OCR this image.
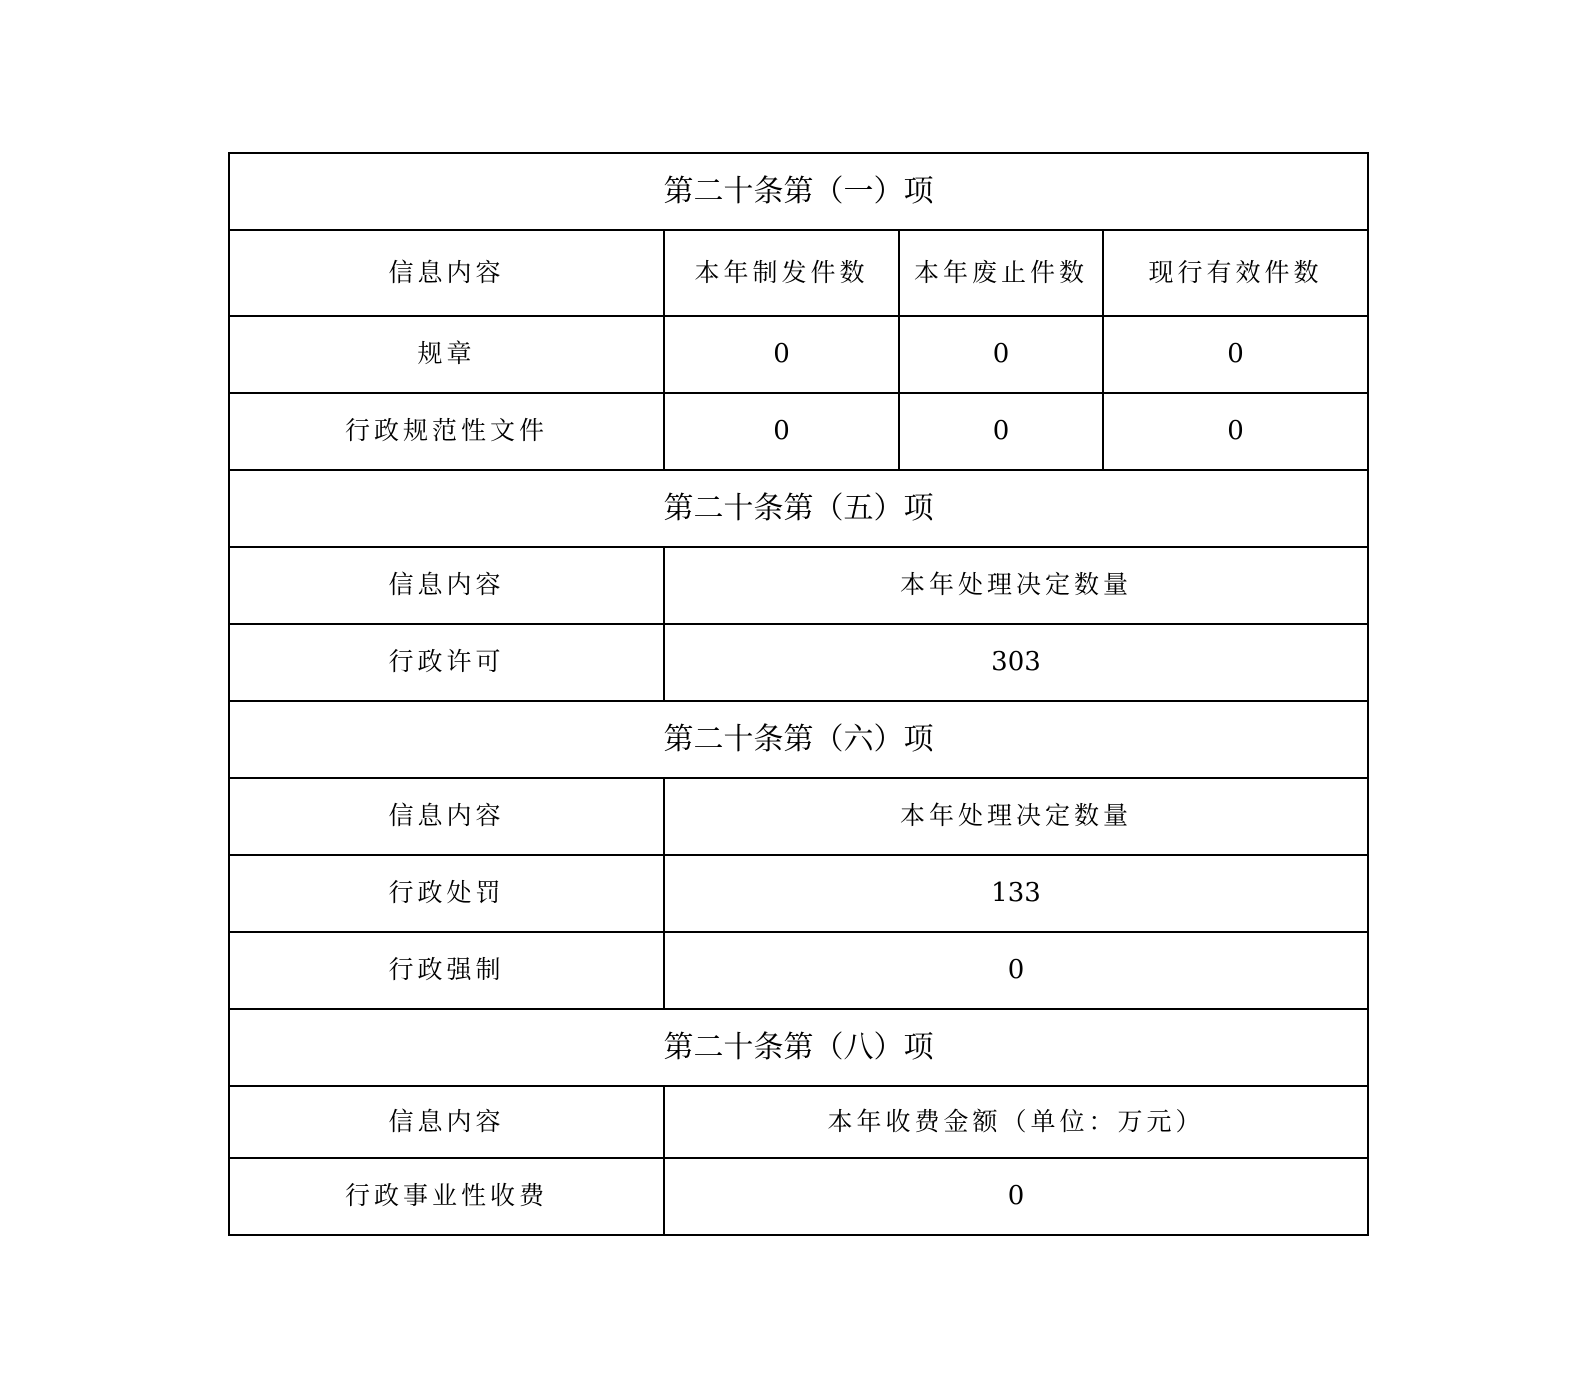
第二十条第（一）项			
信息内容	本年制发件数	本年废止件数	现行有效件数
规章	0	0	0
行政规范性文件	0	0	0
第二十条第（五）项			
信息内容	本年处理决定数量		
行政许可	303		
第二十条第（六）项			
信息内容	本年处理决定数量		
行政处罚	133		
行政强制	0		
第二十条第（八）项			
信息内容	本年收费金额（单位：万元）		
行政事业性收费	0		
